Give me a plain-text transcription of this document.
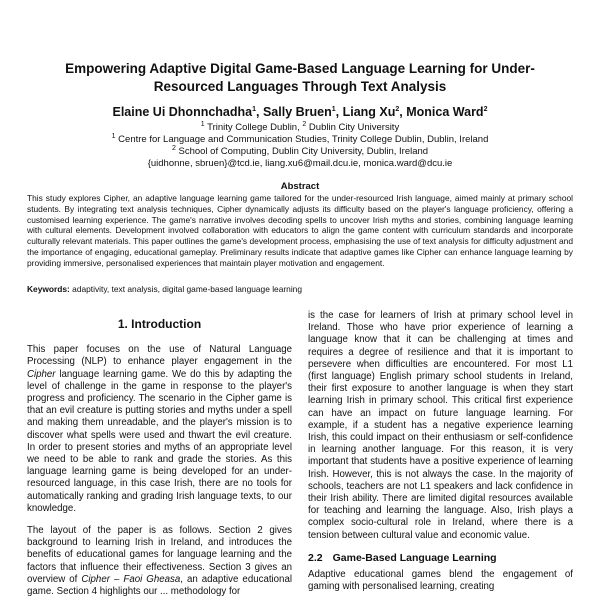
Empowering Adaptive Digital Game-Based Language Learning for Under-Resourced Languages Through Text Analysis
Elaine Ui Dhonnchadha$^1$, Sally Bruen$^1$, Liang Xu$^2$, Monica Ward$^2$
$^1$ Trinity College Dublin, $^2$ Dublin City University
$^1$ Centre for Language and Communication Studies, Trinity College Dublin, Dublin, Ireland
$^2$ School of Computing, Dublin City University, Dublin, Ireland
{uidhonne, sbruen}@tcd.ie, liang.xu6@mail.dcu.ie, monica.ward@dcu.ie
Abstract
This study explores Cipher, an adaptive language learning game tailored for the under-resourced Irish language, aimed mainly at primary school students. By integrating text analysis techniques, Cipher dynamically adjusts its difficulty based on the player's language proficiency, offering a customised learning experience. The game's narrative involves decoding spells to uncover Irish myths and stories, combining language learning with cultural elements. Development involved collaboration with educators to align the game content with curriculum standards and incorporate culturally relevant materials. This paper outlines the game's development process, emphasising the use of text analysis for difficulty adjustment and the importance of engaging, educational gameplay. Preliminary results indicate that adaptive games like Cipher can enhance language learning by providing immersive, personalised experiences that maintain player motivation and engagement.
Keywords: adaptivity, text analysis, digital game-based language learning
1. Introduction

This paper focuses on the use of Natural Language Processing (NLP) to enhance player engagement in the Cipher language learning game. We do this by adapting the level of challenge in the game in response to the player's progress and proficiency. The scenario in the Cipher game is that an evil creature is putting stories and myths under a spell and making them unreadable, and the player's mission is to discover what spells were used and thwart the evil creature. In order to present stories and myths of an appropriate level we need to be able to rank and grade the stories. As this language learning game is being developed for an under-resourced language, in this case Irish, there are no tools for automatically ranking and grading Irish language texts, to our knowledge.

The layout of the paper is as follows. Section 2 gives background to learning Irish in Ireland, and introduces the benefits of educational games for language learning and the factors that influence their effectiveness. Section 3 gives an overview of Cipher – Faoi Gheasa, an adaptive educational game. Section 4 highlights our ... methodology for

is the case for learners of Irish at primary school level in Ireland. Those who have prior experience of learning a language know that it can be challenging at times and requires a degree of resilience and that it is important to persevere when difficulties are encountered. For most L1 (first language) English primary school students in Ireland, their first exposure to another language is when they start learning Irish in primary school. This critical first experience can have an impact on future language learning. For example, if a student has a negative experience learning Irish, this could impact on their enthusiasm or self-confidence in learning another language. For this reason, it is very important that students have a positive experience of learning Irish. However, this is not always the case. In the majority of schools, teachers are not L1 speakers and lack confidence in their Irish ability. There are limited digital resources available for teaching and learning the language. Also, Irish plays a complex socio-cultural role in Ireland, where there is a tension between cultural value and economic value.

2.2 Game-Based Language Learning

Adaptive educational games blend the engagement of gaming with personalised learning, creating
